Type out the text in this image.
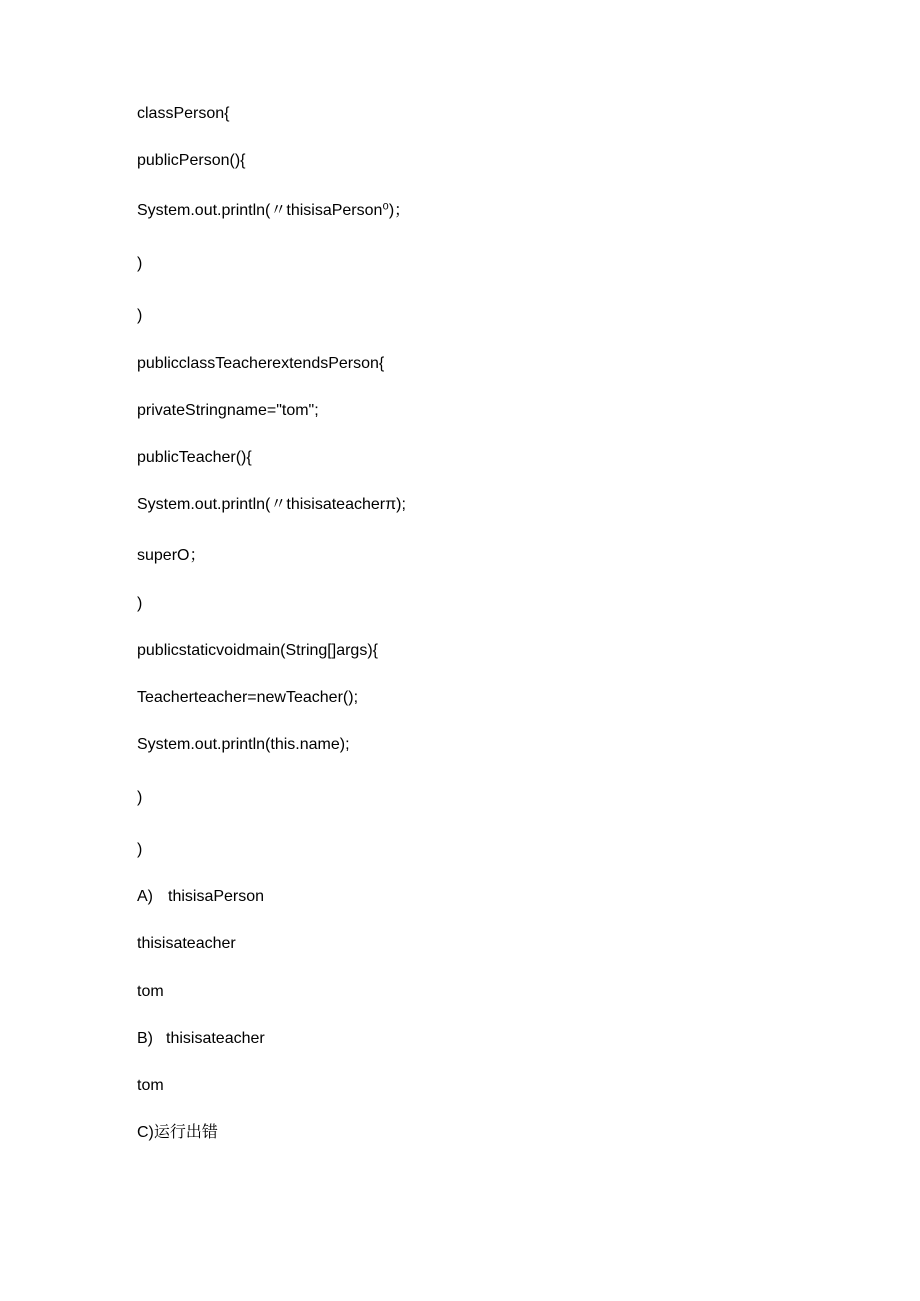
classPerson{
publicPerson(){
System.out.println(〃thisisaPerson⁰)；
)
)
publicclassTeacherextendsPerson{
privateStringname="tom";
publicTeacher(){
System.out.println(〃thisisateacherπ);
superO；
)
publicstaticvoidmain(String[]args){
Teacherteacher=newTeacher();
System.out.println(this.name);
)
)
A) thisisaPerson
thisisateacher
tom
B) thisisateacher
tom
C)运行出错
